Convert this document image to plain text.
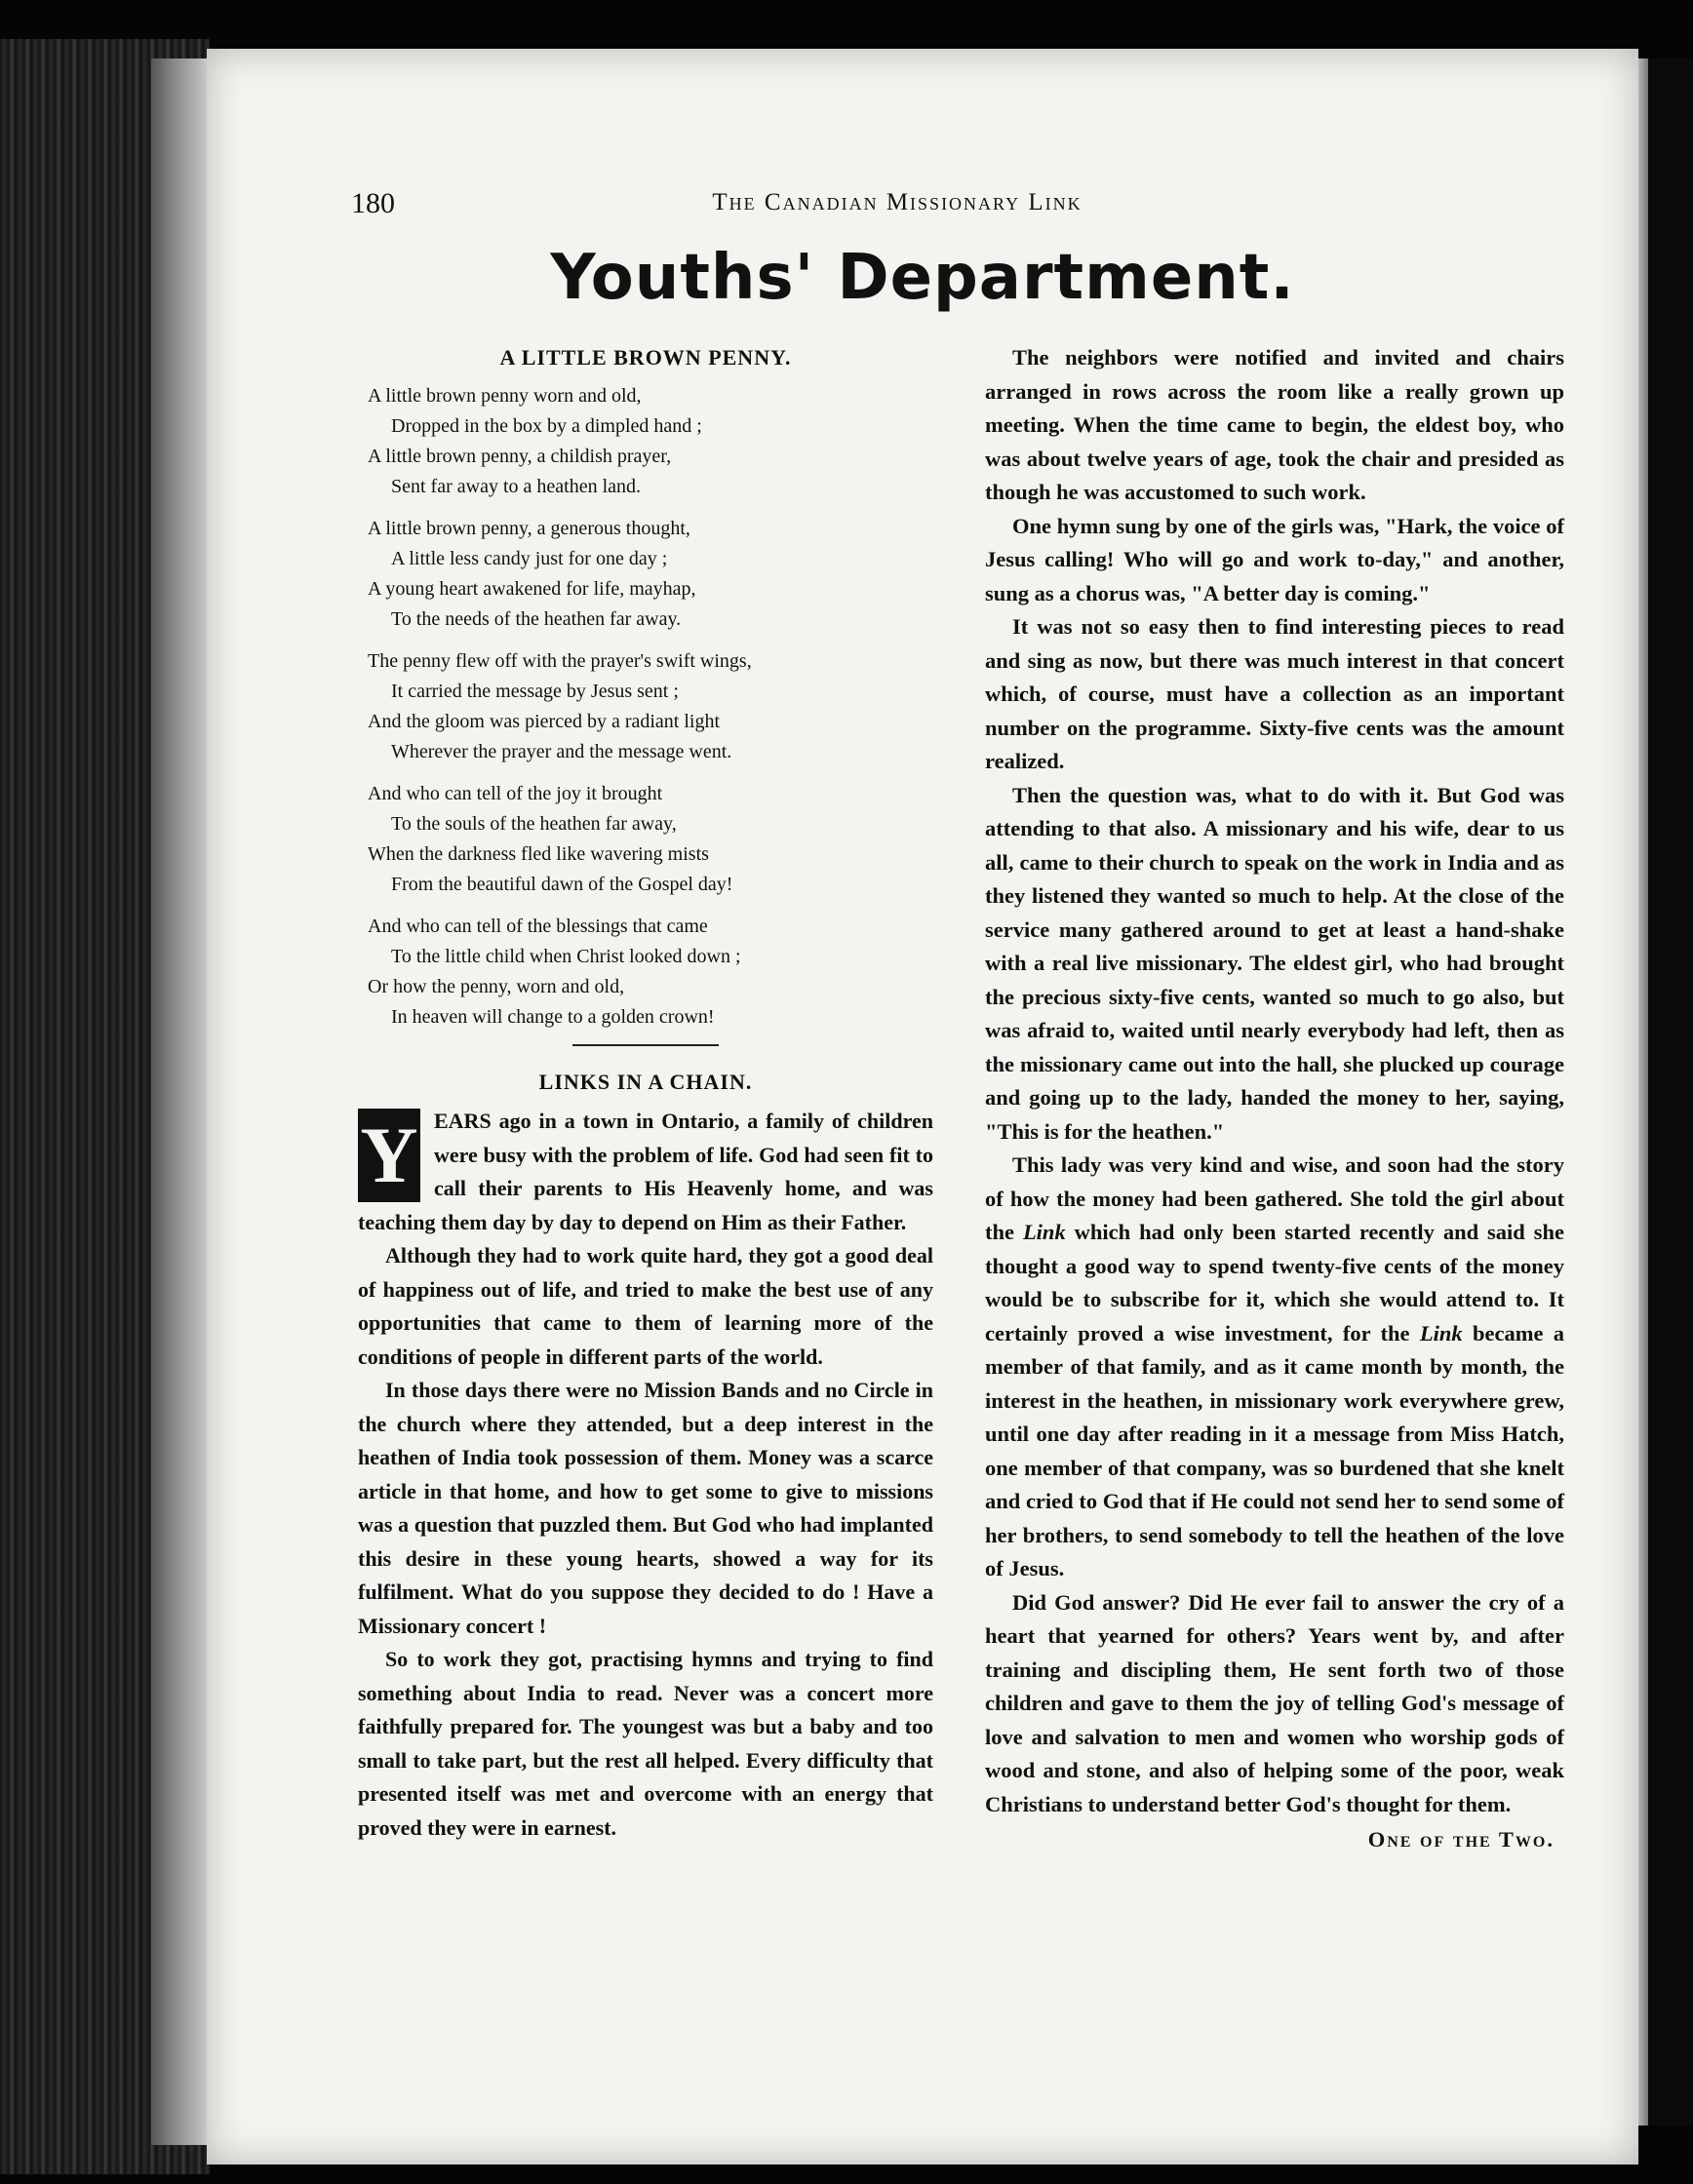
180	The Canadian Missionary Link
Youths' Department.
A LITTLE BROWN PENNY.
A little brown penny worn and old,
Dropped in the box by a dimpled hand ;
A little brown penny, a childish prayer,
Sent far away to a heathen land.
A little brown penny, a generous thought,
A little less candy just for one day ;
A young heart awakened for life, mayhap,
To the needs of the heathen far away.
The penny flew off with the prayer's swift wings,
It carried the message by Jesus sent ;
And the gloom was pierced by a radiant light
Wherever the prayer and the message went.
And who can tell of the joy it brought
To the souls of the heathen far away,
When the darkness fled like wavering mists
From the beautiful dawn of the Gospel day!
And who can tell of the blessings that came
To the little child when Christ looked down ;
Or how the penny, worn and old,
In heaven will change to a golden crown!
LINKS IN A CHAIN.
Y EARS ago in a town in Ontario, a family of children were busy with the problem of life. God had seen fit to call their parents to His Heavenly home, and was teaching them day by day to depend on Him as their Father.

Although they had to work quite hard, they got a good deal of happiness out of life, and tried to make the best use of any opportunities that came to them of learning more of the conditions of people in different parts of the world.

In those days there were no Mission Bands and no Circle in the church where they attended, but a deep interest in the heathen of India took possession of them. Money was a scarce article in that home, and how to get some to give to missions was a question that puzzled them. But God who had implanted this desire in these young hearts, showed a way for its fulfilment. What do you suppose they decided to do ! Have a Missionary concert !

So to work they got, practising hymns and trying to find something about India to read. Never was a concert more faithfully prepared for. The youngest was but a baby and too small to take part, but the rest all helped. Every difficulty that presented itself was met and overcome with an energy that proved they were in earnest.

The neighbors were notified and invited and chairs arranged in rows across the room like a really grown up meeting. When the time came to begin, the eldest boy, who was about twelve years of age, took the chair and presided as though he was accustomed to such work.

One hymn sung by one of the girls was, "Hark, the voice of Jesus calling! Who will go and work to-day," and another, sung as a chorus was, "A better day is coming."

It was not so easy then to find interesting pieces to read and sing as now, but there was much interest in that concert which, of course, must have a collection as an important number on the programme. Sixty-five cents was the amount realized.

Then the question was, what to do with it. But God was attending to that also. A missionary and his wife, dear to us all, came to their church to speak on the work in India and as they listened they wanted so much to help. At the close of the service many gathered around to get at least a hand-shake with a real live missionary. The eldest girl, who had brought the precious sixty-five cents, wanted so much to go also, but was afraid to, waited until nearly everybody had left, then as the missionary came out into the hall, she plucked up courage and going up to the lady, handed the money to her, saying, "This is for the heathen."

This lady was very kind and wise, and soon had the story of how the money had been gathered. She told the girl about the Link which had only been started recently and said she thought a good way to spend twenty-five cents of the money would be to subscribe for it, which she would attend to. It certainly proved a wise investment, for the Link became a member of that family, and as it came month by month, the interest in the heathen, in missionary work everywhere grew, until one day after reading in it a message from Miss Hatch, one member of that company, was so burdened that she knelt and cried to God that if He could not send her to send some of her brothers, to send somebody to tell the heathen of the love of Jesus.

Did God answer? Did He ever fail to answer the cry of a heart that yearned for others? Years went by, and after training and discipling them, He sent forth two of those children and gave to them the joy of telling God's message of love and salvation to men and women who worship gods of wood and stone, and also of helping some of the poor, weak Christians to understand better God's thought for them.

One of the Two.
